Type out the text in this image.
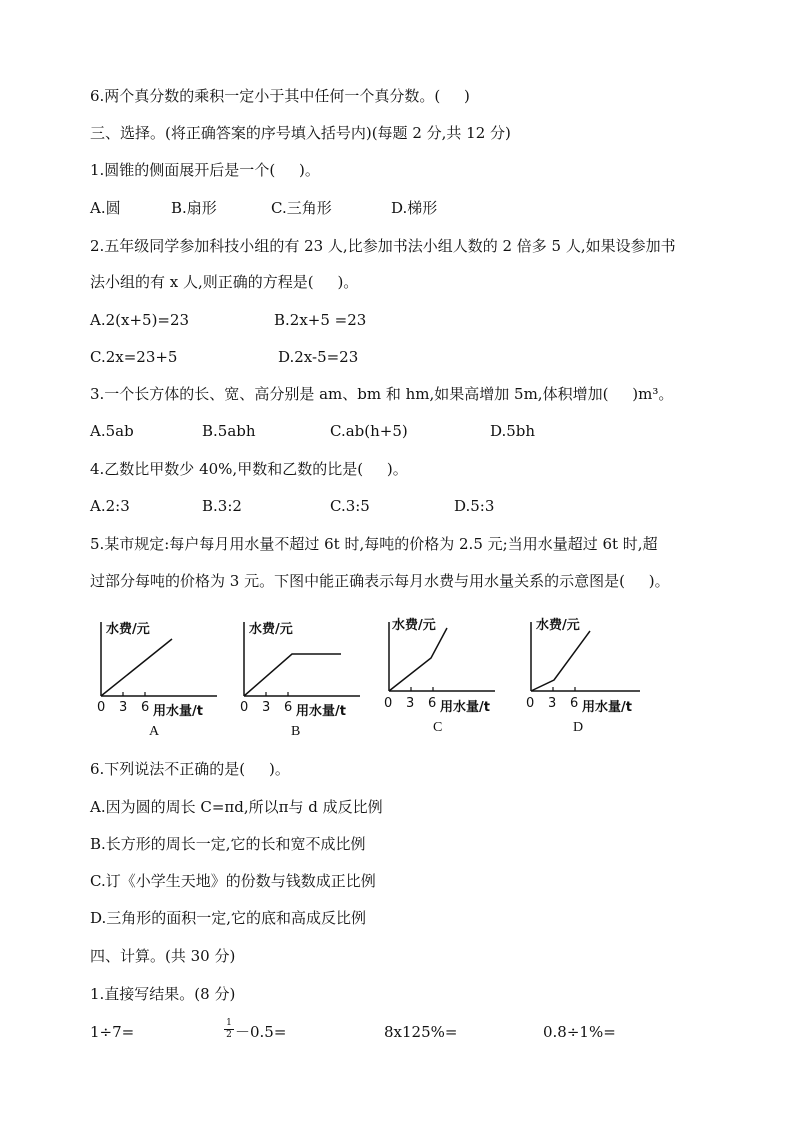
6.两个真分数的乘积一定小于其中任何一个真分数。(     )
三、选择。(将正确答案的序号填入括号内)(每题 2 分,共 12 分)
1.圆锥的侧面展开后是一个(     )。
A.圆	B.扇形	C.三角形	D.梯形
2.五年级同学参加科技小组的有 23 人,比参加书法小组人数的 2 倍多 5 人,如果设参加书
法小组的有 x 人,则正确的方程是(     )。
A.2(x+5)=23	B.2x+5 =23
C.2x=23+5	D.2x-5=23
3.一个长方体的长、宽、高分别是 am、bm 和 hm,如果高增加 5m,体积增加(     )m³。
A.5ab	B.5abh	C.ab(h+5)	D.5bh
4.乙数比甲数少 40%,甲数和乙数的比是(     )。
A.2:3	B.3:2	C.3:5	D.5:3
5.某市规定:每户每月用水量不超过 6t 时,每吨的价格为 2.5 元;当用水量超过 6t 时,超
过部分每吨的价格为 3 元。下图中能正确表示每月水费与用水量关系的示意图是(     )。
水费/元
0 3 6 用水量/t
A
水费/元
0 3 6 用水量/t
B
水费/元
0 3 6 用水量/t
C
水费/元
0 3 6 用水量/t
D
6.下列说法不正确的是(     )。
A.因为圆的周长 C=πd,所以π与 d 成反比例
B.长方形的周长一定,它的长和宽不成比例
C.订《小学生天地》的份数与钱数成正比例
D.三角形的面积一定,它的底和高成反比例
四、计算。(共 30 分)
1.直接写结果。(8 分)
1÷7=	1
2 －0.5=	8x125%=	0.8÷1%=
